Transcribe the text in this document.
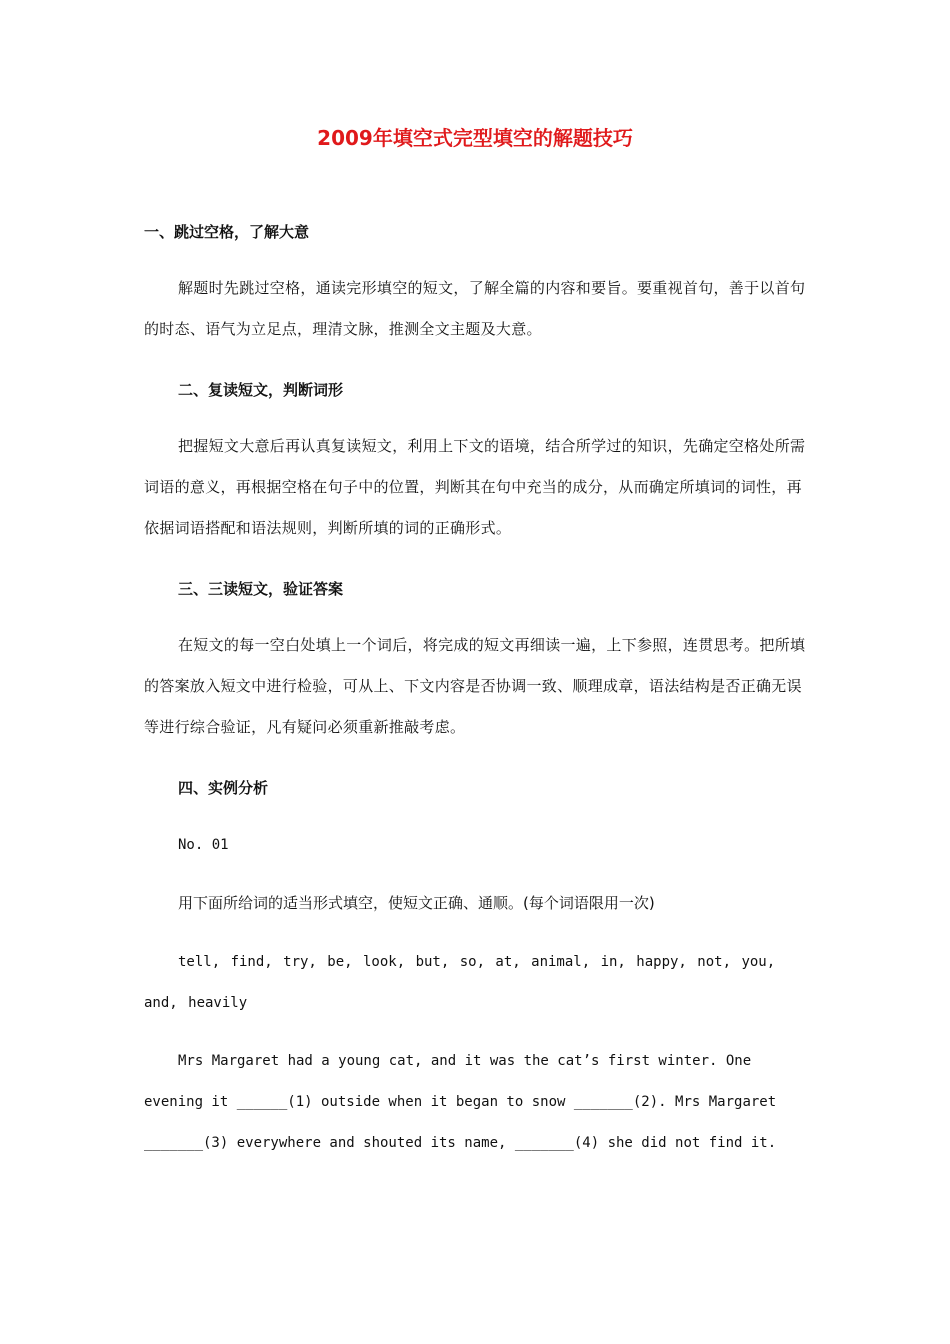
2009年填空式完型填空的解题技巧
一、跳过空格，了解大意
解题时先跳过空格，通读完形填空的短文，了解全篇的内容和要旨。要重视首句，善于以首句的时态、语气为立足点，理清文脉，推测全文主题及大意。
二、复读短文，判断词形
把握短文大意后再认真复读短文，利用上下文的语境，结合所学过的知识，先确定空格处所需词语的意义，再根据空格在句子中的位置，判断其在句中充当的成分，从而确定所填词的词性，再依据词语搭配和语法规则，判断所填的词的正确形式。
三、三读短文，验证答案
在短文的每一空白处填上一个词后，将完成的短文再细读一遍，上下参照，连贯思考。把所填的答案放入短文中进行检验，可从上、下文内容是否协调一致、顺理成章，语法结构是否正确无误等进行综合验证，凡有疑问必须重新推敲考虑。
四、实例分析
No. 01
用下面所给词的适当形式填空，使短文正确、通顺。(每个词语限用一次)
tell, find, try, be, look, but, so, at, animal, in, happy, not, you, and, heavily
Mrs Margaret had a young cat, and it was the cat’s first winter. One evening it ______(1) outside when it began to snow _______(2). Mrs Margaret _______(3) everywhere and shouted its name, _______(4) she did not find it.
